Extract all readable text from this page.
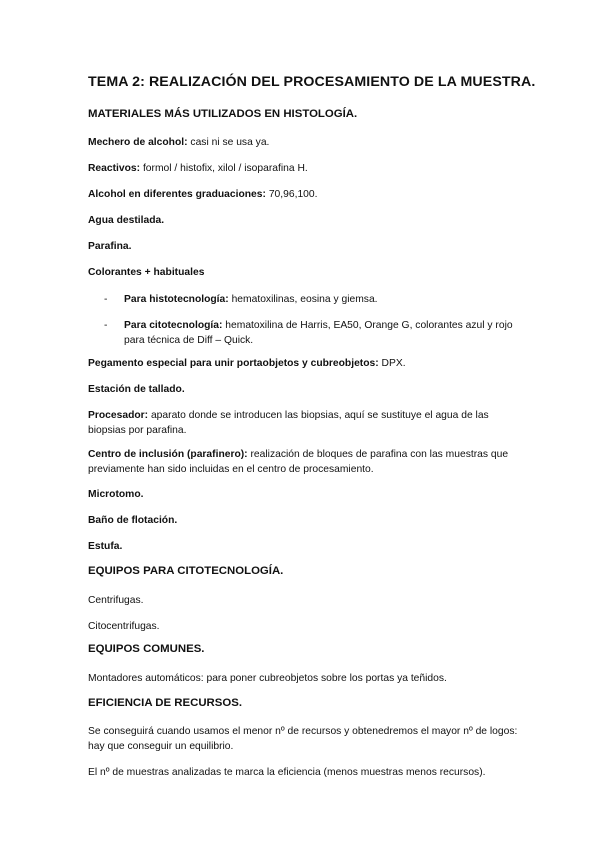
TEMA 2: REALIZACIÓN DEL PROCESAMIENTO DE LA MUESTRA.
MATERIALES MÁS UTILIZADOS EN HISTOLOGÍA.

Mechero de alcohol: casi ni se usa ya.

Reactivos: formol / histofix, xilol / isoparafina H.

Alcohol en diferentes graduaciones: 70,96,100.

Agua destilada.

Parafina.

Colorantes + habituales

- Para histotecnología: hematoxilinas, eosina y giemsa.

- Para citotecnología: hematoxilina de Harris, EA50, Orange G, colorantes azul y rojo para técnica de Diff – Quick.

Pegamento especial para unir portaobjetos y cubreobjetos: DPX.

Estación de tallado.

Procesador: aparato donde se introducen las biopsias, aquí se sustituye el agua de las biopsias por parafina.

Centro de inclusión (parafinero): realización de bloques de parafina con las muestras que previamente han sido incluidas en el centro de procesamiento.

Microtomo.

Baño de flotación.

Estufa.

EQUIPOS PARA CITOTECNOLOGÍA.

Centrifugas.

Citocentrifugas.

EQUIPOS COMUNES.

Montadores automáticos: para poner cubreobjetos sobre los portas ya teñidos.

EFICIENCIA DE RECURSOS.

Se conseguirá cuando usamos el menor nº de recursos y obtenedremos el mayor nº de logos: hay que conseguir un equilibrio.

El nº de muestras analizadas te marca la eficiencia (menos muestras menos recursos).
